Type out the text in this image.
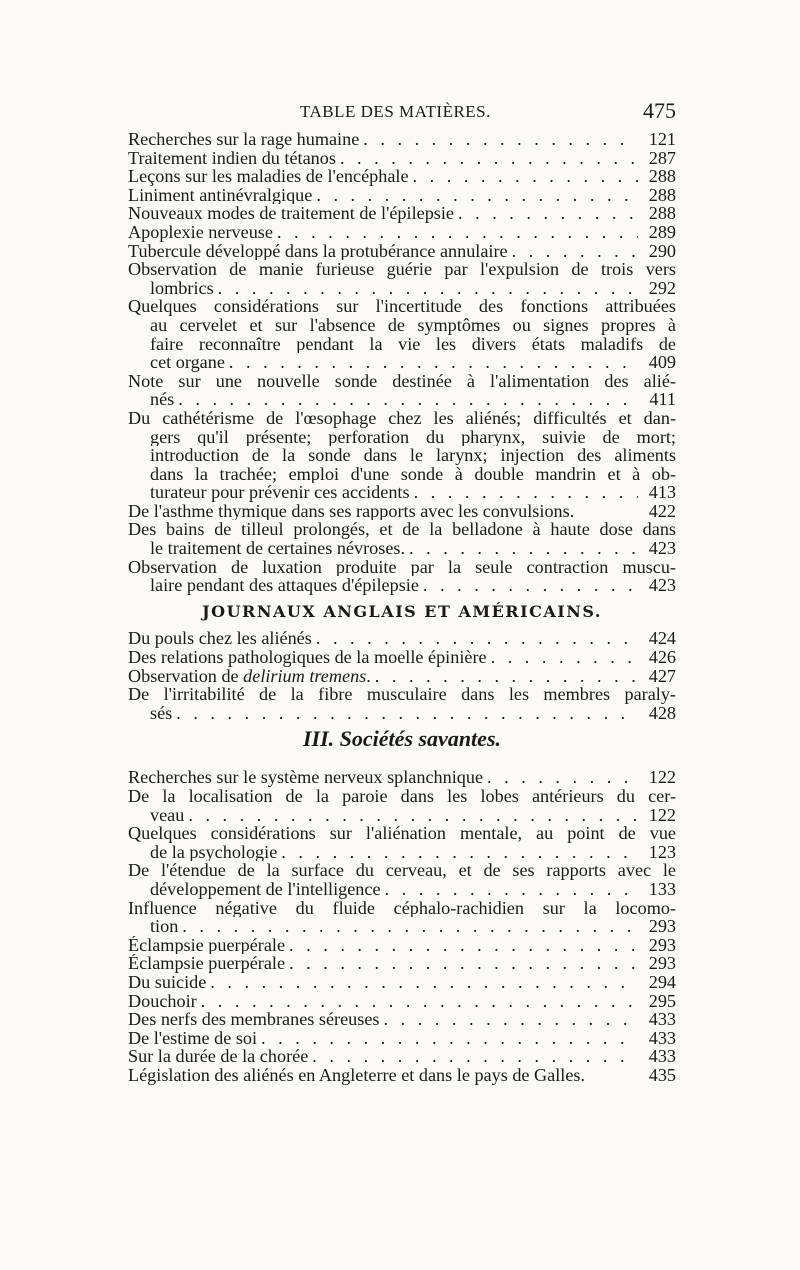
TABLE DES MATIÈRES.	475
Recherches sur la rage humaine . . .	121
Traitement indien du tétanos . . .	287
Leçons sur les maladies de l'encéphale . . .	288
Liniment antinévralgique . . .	288
Nouveaux modes de traitement de l'épilepsie . . .	288
Apoplexie nerveuse . . .	289
Tubercule développé dans la protubérance annulaire . . .	290
Observation de manie furieuse guérie par l'expulsion de trois vers
lombrics . . .	292
Quelques considérations sur l'incertitude des fonctions attribuées
au cervelet et sur l'absence de symptômes ou signes propres à
faire reconnaître pendant la vie les divers états maladifs de
cet organe . . .	409
Note sur une nouvelle sonde destinée à l'alimentation des alié-
nés . . .	411
Du cathétérisme de l'œsophage chez les aliénés; difficultés et dan-
gers qu'il présente; perforation du pharynx, suivie de mort;
introduction de la sonde dans le larynx; injection des aliments
dans la trachée; emploi d'une sonde à double mandrin et à ob-
turateur pour prévenir ces accidents . . .	413
De l'asthme thymique dans ses rapports avec les convulsions.	422
Des bains de tilleul prolongés, et de la belladone à haute dose dans
le traitement de certaines névroses. . . .	423
Observation de luxation produite par la seule contraction muscu-
laire pendant des attaques d'épilepsie . . .	423
JOURNAUX ANGLAIS ET AMÉRICAINS.
Du pouls chez les aliénés . . .	424
Des relations pathologiques de la moelle épinière . . .	426
Observation de delirium tremens. . . .	427
De l'irritabilité de la fibre musculaire dans les membres paraly-
sés . . .	428
III. Sociétés savantes.
Recherches sur le système nerveux splanchnique . . .	122
De la localisation de la paroie dans les lobes antérieurs du cer-
veau . . .	122
Quelques considérations sur l'aliénation mentale, au point de vue
de la psychologie . . .	123
De l'étendue de la surface du cerveau, et de ses rapports avec le
développement de l'intelligence . . .	133
Influence négative du fluide céphalo-rachidien sur la locomo-
tion . . .	293
Éclampsie puerpérale . . .	293
Éclampsie puerpérale . . .	293
Du suicide . . .	294
Douchoir . . .	295
Des nerfs des membranes séreuses . . .	433
De l'estime de soi . . .	433
Sur la durée de la chorée . . .	433
Législation des aliénés en Angleterre et dans le pays de Galles.	435
